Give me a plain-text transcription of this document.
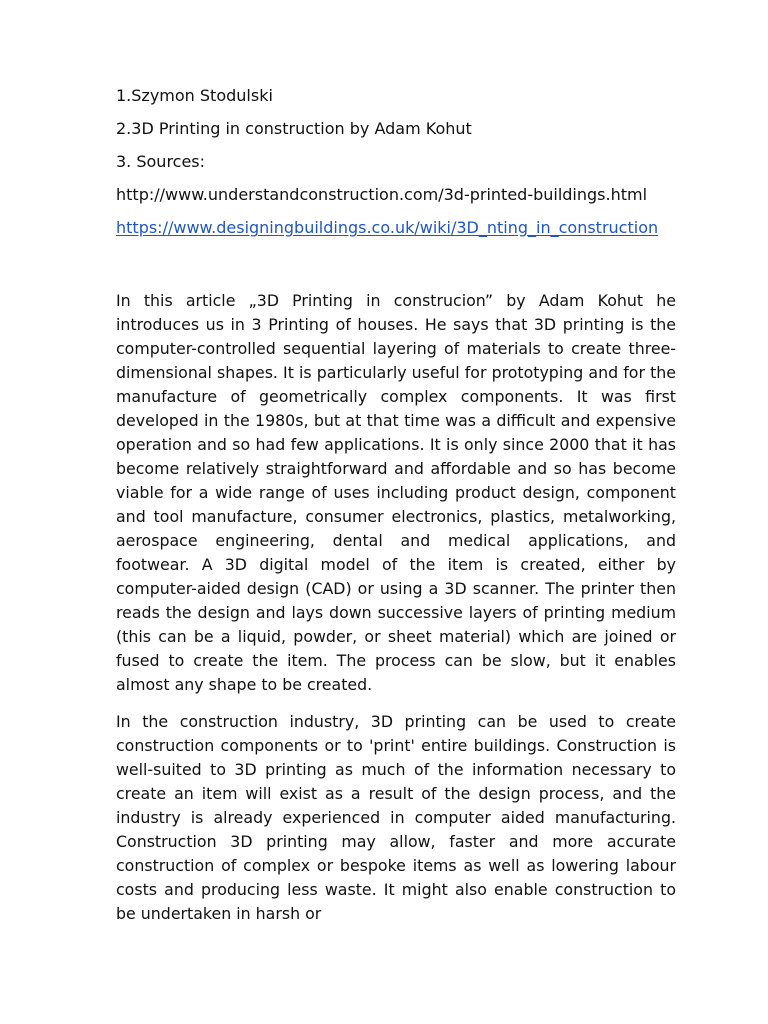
1.Szymon Stodulski

2.3D Printing in construction by Adam Kohut

3. Sources:

http://www.understandconstruction.com/3d-printed-buildings.html

https://www.designingbuildings.co.uk/wiki/3D_nting_in_construction

In this article „3D Printing in construcion” by Adam Kohut he introduces us in 3 Printing of houses. He says that 3D printing is the computer-controlled sequential layering of materials to create three-dimensional shapes. It is particularly useful for prototyping and for the manufacture of geometrically complex components. It was first developed in the 1980s, but at that time was a difficult and expensive operation and so had few applications. It is only since 2000 that it has become relatively straightforward and affordable and so has become viable for a wide range of uses including product design, component and tool manufacture, consumer electronics, plastics, metalworking, aerospace engineering, dental and medical applications, and footwear. A 3D digital model of the item is created, either by computer-aided design (CAD) or using a 3D scanner. The printer then reads the design and lays down successive layers of printing medium (this can be a liquid, powder, or sheet material) which are joined or fused to create the item. The process can be slow, but it enables almost any shape to be created.

In the construction industry, 3D printing can be used to create construction components or to 'print' entire buildings. Construction is well-suited to 3D printing as much of the information necessary to create an item will exist as a result of the design process, and the industry is already experienced in computer aided manufacturing. Construction 3D printing may allow, faster and more accurate construction of complex or bespoke items as well as lowering labour costs and producing less waste. It might also enable construction to be undertaken in harsh or
